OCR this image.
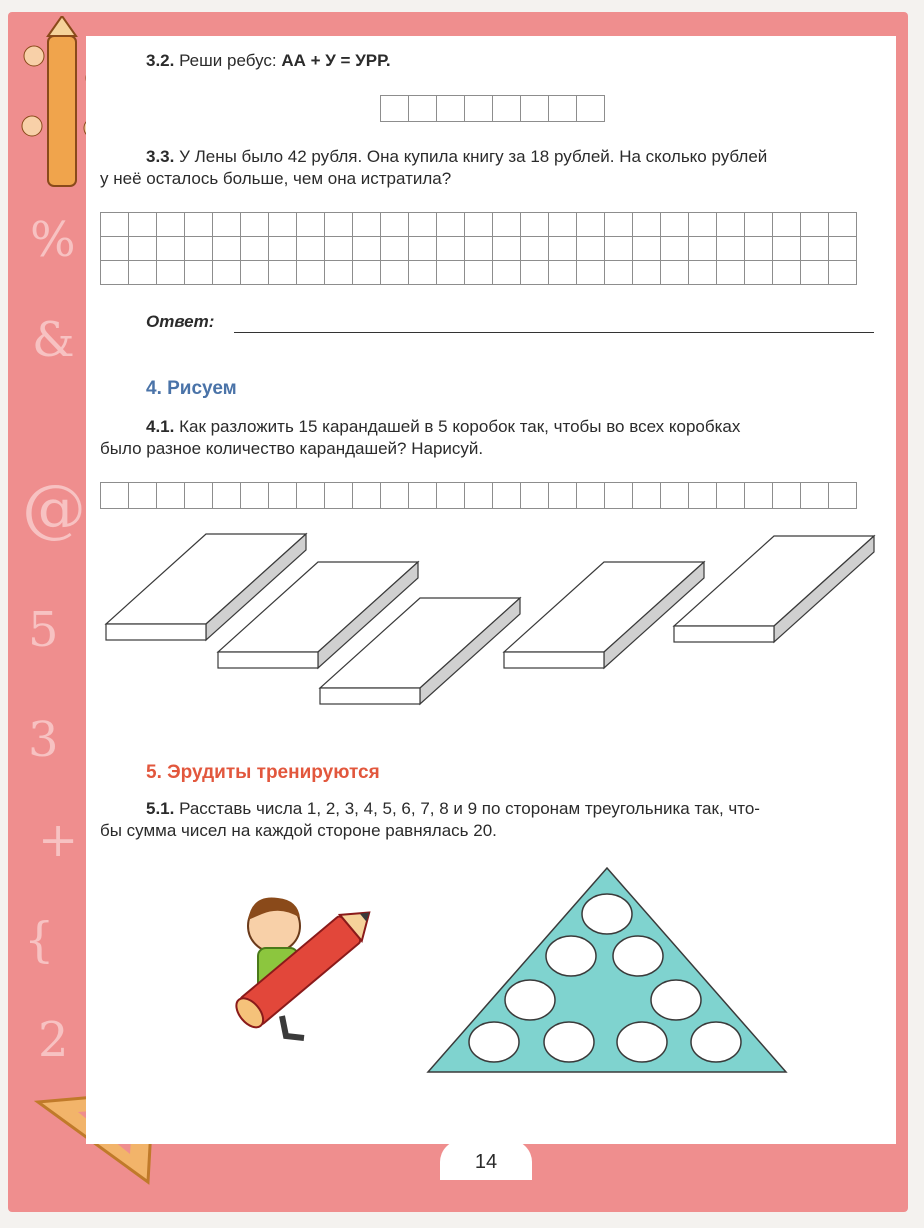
%
&
@
5
3
+
{
2
3.2. Реши ребус: АА + У = УРР.

3.3. У Лены было 42 рубля. Она купила книгу за 18 рублей. На сколько рублей
у неё осталось больше, чем она истратила?

Ответ:
4. Рисуем
4.1. Как разложить 15 карандашей в 5 коробок так, чтобы во всех коробках
было разное количество карандашей? Нарисуй.

5. Эрудиты тренируются
5.1. Расставь числа 1, 2, 3, 4, 5, 6, 7, 8 и 9 по сторонам треугольника так, что-
бы сумма чисел на каждой стороне равнялась 20.
14
